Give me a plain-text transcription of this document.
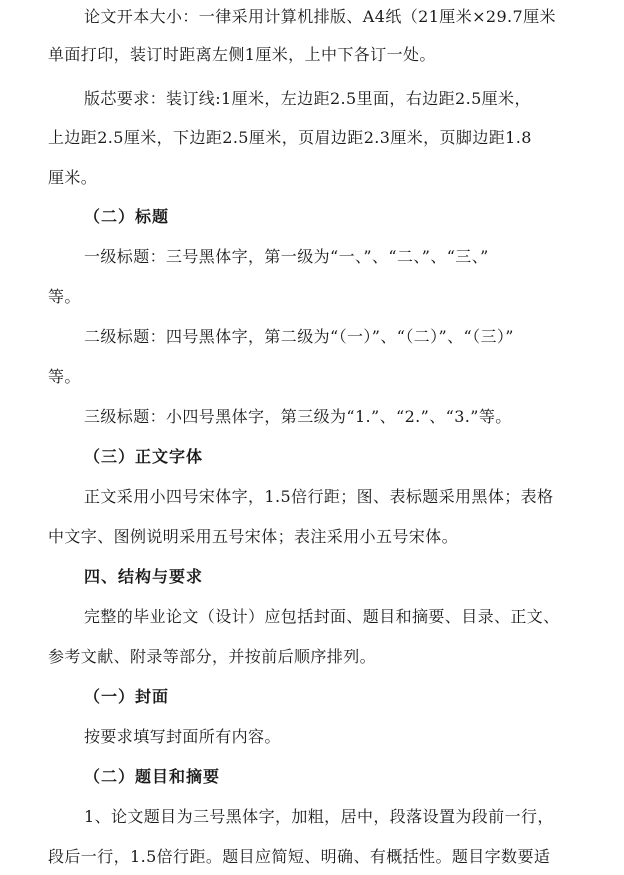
论文开本大小：一律采用计算机排版、A4纸（21厘米×29.7厘米
单面打印，装订时距离左侧1厘米，上中下各订一处。
版芯要求：装订线:1厘米，左边距2.5里面，右边距2.5厘米，
上边距2.5厘米，下边距2.5厘米，页眉边距2.3厘米，页脚边距1.8
厘米。
（二）标题
一级标题：三号黑体字，第一级为“一、”、“二、”、“三、”
等。
二级标题：四号黑体字，第二级为“（一）”、“（二）”、“（三）”
等。
三级标题：小四号黑体字，第三级为“1.”、“2.”、“3.”等。
（三）正文字体
正文采用小四号宋体字，1.5倍行距；图、表标题采用黑体；表格
中文字、图例说明采用五号宋体；表注采用小五号宋体。
四、结构与要求
完整的毕业论文（设计）应包括封面、题目和摘要、目录、正文、
参考文献、附录等部分，并按前后顺序排列。
（一）封面
按要求填写封面所有内容。
（二）题目和摘要
1、论文题目为三号黑体字，加粗，居中，段落设置为段前一行，
段后一行，1.5倍行距。题目应简短、明确、有概括性。题目字数要适
